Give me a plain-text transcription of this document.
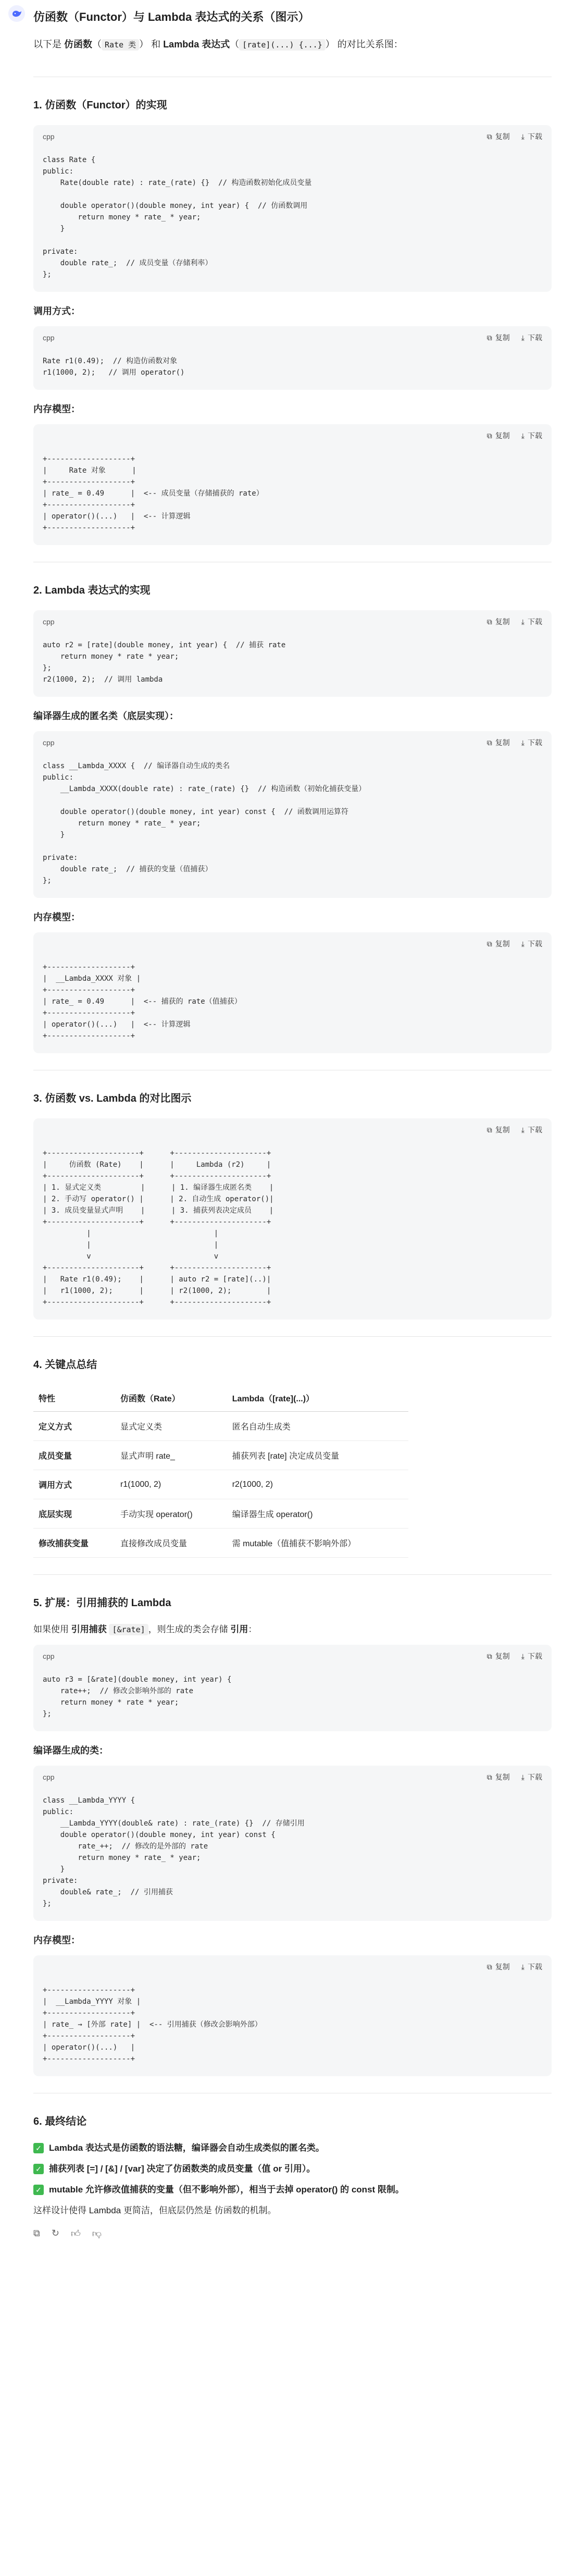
仿函数（Functor）与 Lambda 表达式的关系（图示）

以下是 仿函数（ Rate 类 ） 和 Lambda 表达式（ [rate](...) {...} ） 的对比关系图：

1. 仿函数（Functor）的实现
cpp	⧉ 复制 ⤓ 下载
class Rate {
public:
Rate(double rate) : rate_(rate) {}  // 构造函数初始化成员变量

double operator()(double money, int year) {  // 仿函数调用
return money * rate_ * year;
}

private:
double rate_;  // 成员变量（存储利率）
};
调用方式：
cpp	⧉ 复制 ⤓ 下载
Rate r1(0.49);  // 构造仿函数对象
r1(1000, 2);   // 调用 operator()
内存模型：
⧉ 复制 ⤓ 下载
+-------------------+
|     Rate 对象      |
+-------------------+
| rate_ = 0.49      |  <-- 成员变量（存储捕获的 rate）
+-------------------+
| operator()(...)   |  <-- 计算逻辑
+-------------------+
2. Lambda 表达式的实现
cpp	⧉ 复制 ⤓ 下载
auto r2 = [rate](double money, int year) {  // 捕获 rate
return money * rate * year;
};
r2(1000, 2);  // 调用 lambda
编译器生成的匿名类（底层实现）：
cpp	⧉ 复制 ⤓ 下载
class __Lambda_XXXX {  // 编译器自动生成的类名
public:
__Lambda_XXXX(double rate) : rate_(rate) {}  // 构造函数（初始化捕获变量）

double operator()(double money, int year) const {  // 函数调用运算符
return money * rate_ * year;
}

private:
double rate_;  // 捕获的变量（值捕获）
};
内存模型：
⧉ 复制 ⤓ 下载
+-------------------+
|  __Lambda_XXXX 对象 |
+-------------------+
| rate_ = 0.49      |  <-- 捕获的 rate（值捕获）
+-------------------+
| operator()(...)   |  <-- 计算逻辑
+-------------------+
3. 仿函数 vs. Lambda 的对比图示
⧉ 复制 ⤓ 下载
+---------------------+      +---------------------+
|     仿函数 (Rate)    |      |     Lambda (r2)     |
+---------------------+      +---------------------+
| 1. 显式定义类         |      | 1. 编译器生成匿名类    |
| 2. 手动写 operator() |      | 2. 自动生成 operator()|
| 3. 成员变量显式声明    |      | 3. 捕获列表决定成员    |
+---------------------+      +---------------------+
|                            |
|                            |
v                            v
+---------------------+      +---------------------+
|   Rate r1(0.49);    |      | auto r2 = [rate](..)|
|   r1(1000, 2);      |      | r2(1000, 2);        |
+---------------------+      +---------------------+
4. 关键点总结
特性	仿函数（Rate）	Lambda（[rate](...)）
定义方式	显式定义类	匿名自动生成类
成员变量	显式声明 rate_	捕获列表 [rate] 决定成员变量
调用方式	r1(1000, 2)	r2(1000, 2)
底层实现	手动实现 operator()	编译器生成 operator()
修改捕获变量	直接修改成员变量	需 mutable（值捕获不影响外部）
5. 扩展：引用捕获的 Lambda

如果使用 引用捕获 [&rate] ，则生成的类会存储 引用：

cpp	⧉ 复制 ⤓ 下载
auto r3 = [&rate](double money, int year) {
rate++;  // 修改会影响外部的 rate
return money * rate * year;
};
编译器生成的类：
cpp	⧉ 复制 ⤓ 下载
class __Lambda_YYYY {
public:
__Lambda_YYYY(double& rate) : rate_(rate) {}  // 存储引用
double operator()(double money, int year) const {
rate_++;  // 修改的是外部的 rate
return money * rate_ * year;
}
private:
double& rate_;  // 引用捕获
};
内存模型：
⧉ 复制 ⤓ 下载
+-------------------+
|  __Lambda_YYYY 对象 |
+-------------------+
| rate_ → [外部 rate] |  <-- 引用捕获（修改会影响外部）
+-------------------+
| operator()(...)   |
+-------------------+
6. 最终结论
✓ Lambda 表达式是仿函数的语法糖，编译器会自动生成类似的匿名类。
✓ 捕获列表 [=] / [&] / [var] 决定了仿函数类的成员变量（值 or 引用）。
✓ mutable 允许修改值捕获的变量（但不影响外部），相当于去掉 operator() 的 const 限制。

这样设计使得 Lambda 更简洁，但底层仍然是 仿函数的机制。

⧉ ↻ 👍︎ 👎︎
